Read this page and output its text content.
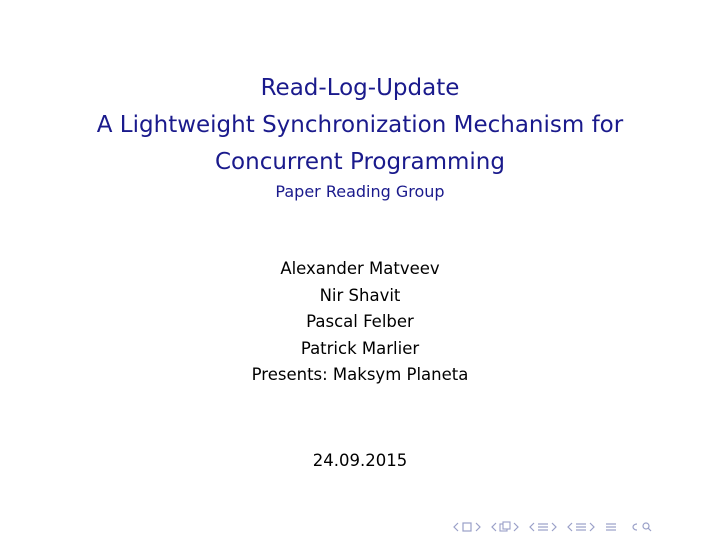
Read-Log-Update
A Lightweight Synchronization Mechanism for
Concurrent Programming
Paper Reading Group
Alexander Matveev
Nir Shavit
Pascal Felber
Patrick Marlier
Presents: Maksym Planeta
24.09.2015
